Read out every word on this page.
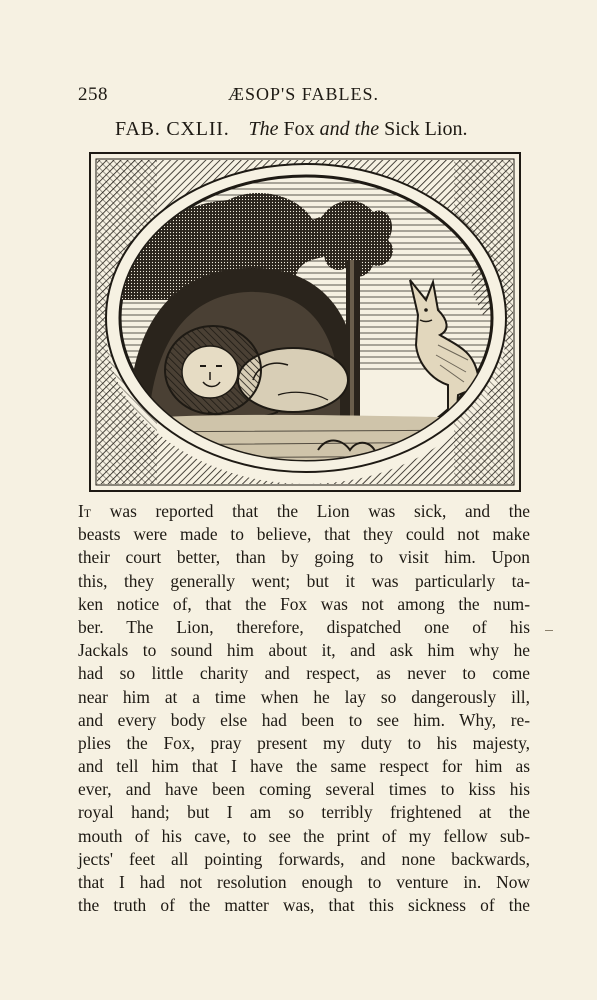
258	ÆSOP'S FABLES.
FAB. CXLII. The Fox and the Sick Lion.
It was reported that the Lion was sick, and the
beasts were made to believe, that they could not make
their court better, than by going to visit him. Upon
this, they generally went; but it was particularly ta-
ken notice of, that the Fox was not among the num-
ber. The Lion, therefore, dispatched one of his
Jackals to sound him about it, and ask him why he
had so little charity and respect, as never to come
near him at a time when he lay so dangerously ill,
and every body else had been to see him. Why, re-
plies the Fox, pray present my duty to his majesty,
and tell him that I have the same respect for him as
ever, and have been coming several times to kiss his
royal hand; but I am so terribly frightened at the
mouth of his cave, to see the print of my fellow sub-
jects' feet all pointing forwards, and none backwards,
that I had not resolution enough to venture in. Now
the truth of the matter was, that this sickness of the
